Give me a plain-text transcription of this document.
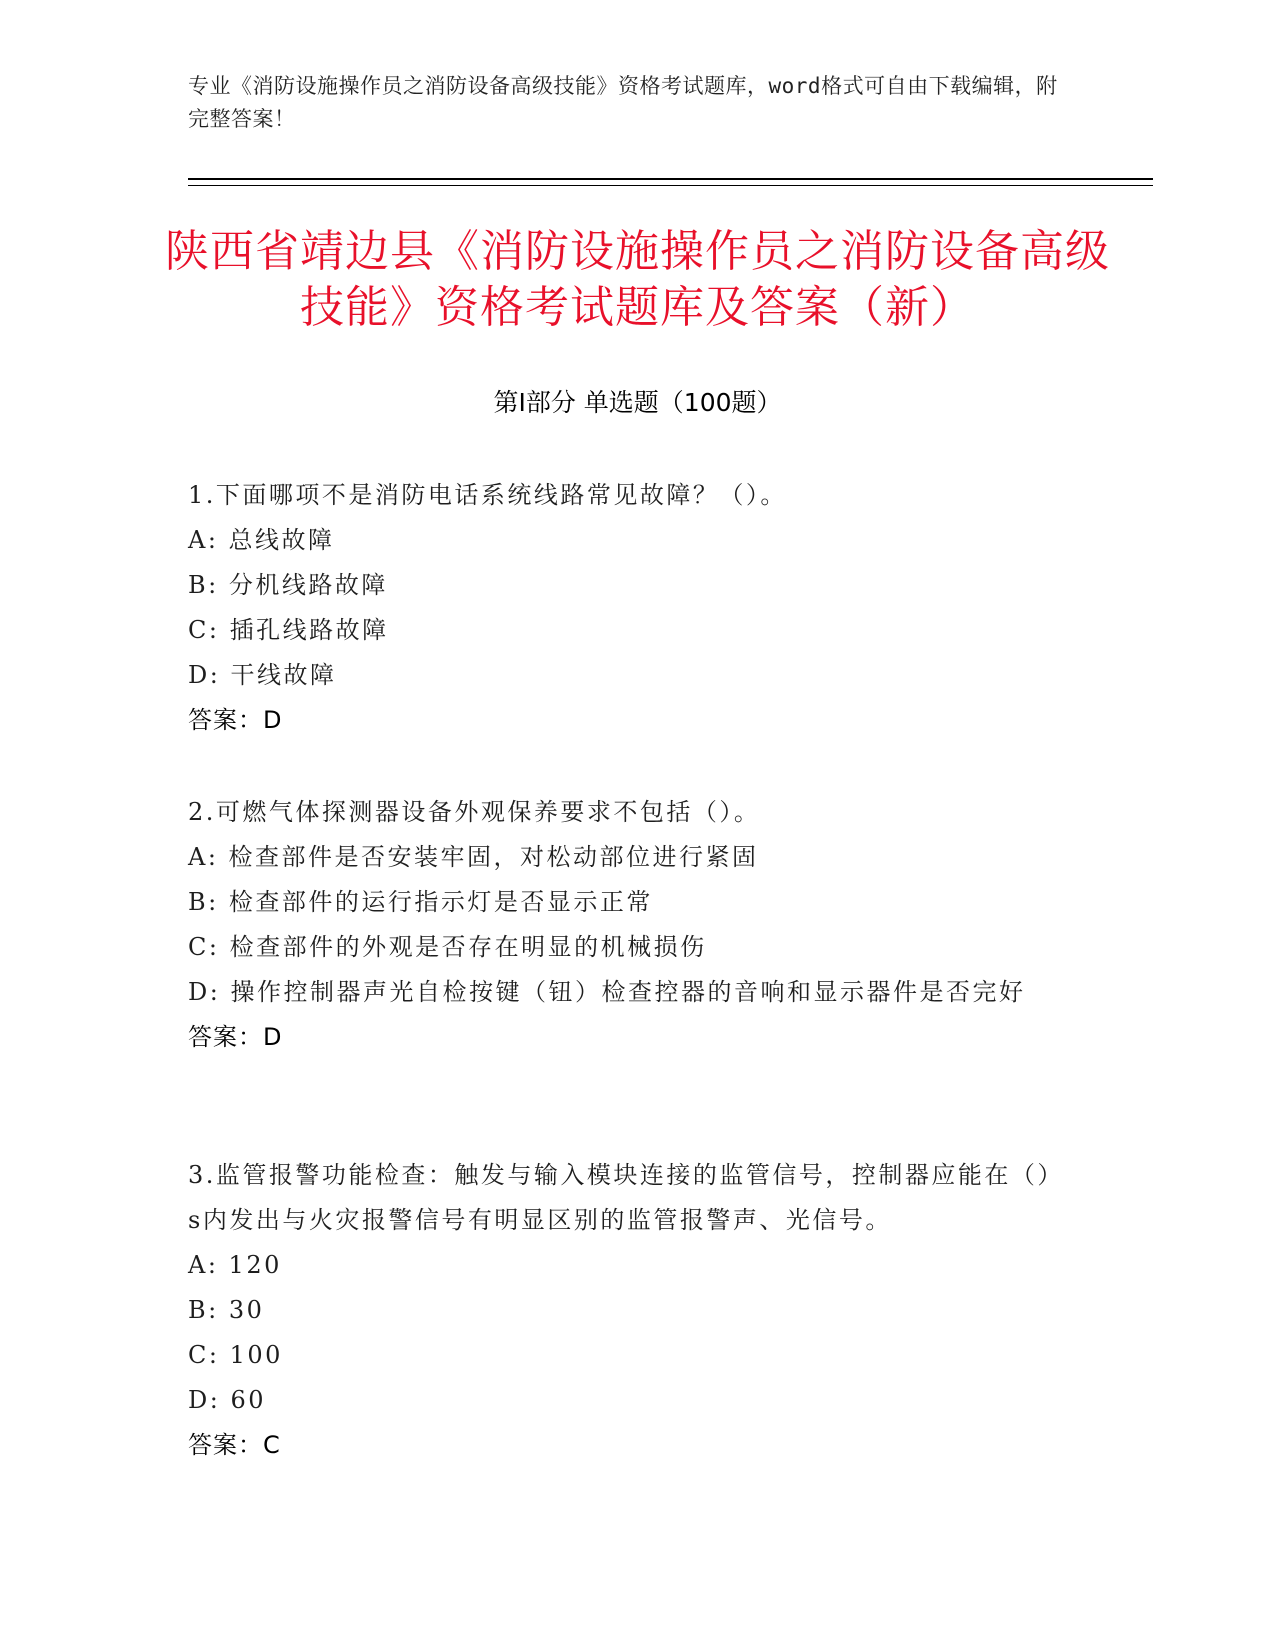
专业《消防设施操作员之消防设备高级技能》资格考试题库，word格式可自由下载编辑，附完整答案！
陕西省靖边县《消防设施操作员之消防设备高级技能》资格考试题库及答案（新）
第I部分 单选题（100题）
1.下面哪项不是消防电话系统线路常见故障？（）。
A: 总线故障
B: 分机线路故障
C: 插孔线路故障
D: 干线故障
答案：D
2.可燃气体探测器设备外观保养要求不包括（）。
A: 检查部件是否安装牢固，对松动部位进行紧固
B: 检查部件的运行指示灯是否显示正常
C: 检查部件的外观是否存在明显的机械损伤
D: 操作控制器声光自检按键（钮）检查控器的音响和显示器件是否完好
答案：D
3.监管报警功能检查：触发与输入模块连接的监管信号，控制器应能在（）s内发出与火灾报警信号有明显区别的监管报警声、光信号。
A: 120
B: 30
C: 100
D: 60
答案：C
